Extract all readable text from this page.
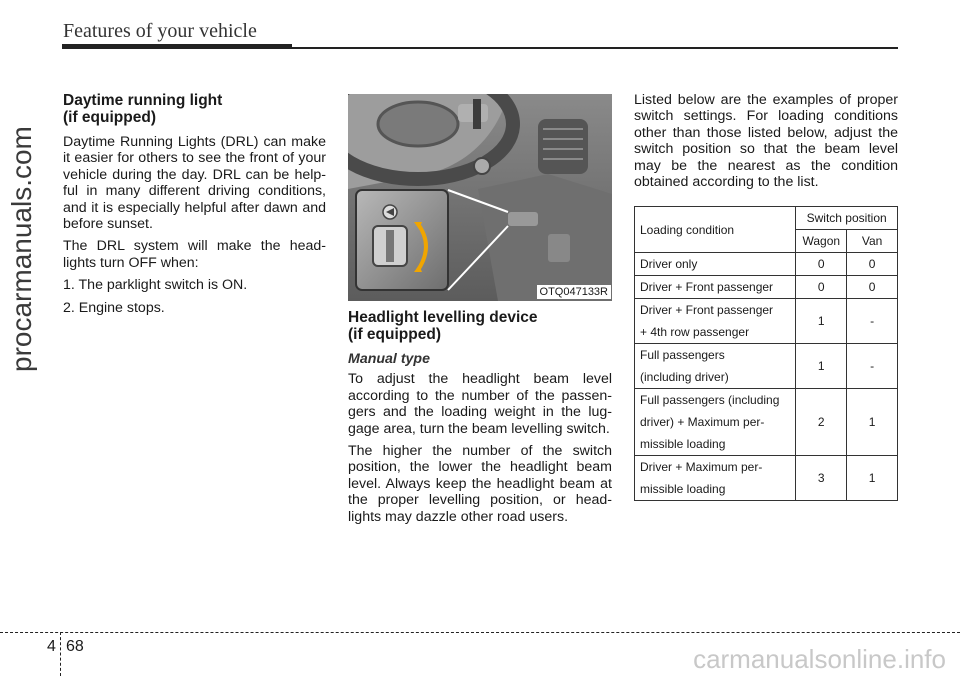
Features of your vehicle
procarmanuals.com
Daytime running light
(if equipped)

Daytime Running Lights (DRL) can make it easier for others to see the front of your vehicle during the day. DRL can be help-ful in many different driving conditions, and it is especially helpful after dawn and before sunset.

The DRL system will make the head-lights turn OFF when:

1. The parklight switch is ON.

2. Engine stops.

OTQ047133R
Headlight levelling device
(if equipped)
Manual type

To adjust the headlight beam level according to the number of the passen-gers and the loading weight in the lug-gage area, turn the beam levelling switch.

The higher the number of the switch position, the lower the headlight beam level. Always keep the headlight beam at the proper levelling position, or head-lights may dazzle other road users.

Listed below are the examples of proper switch settings. For loading conditions other than those listed below, adjust the switch position so that the beam level may be the nearest as the condition obtained according to the list.

Loading condition	Switch position	
	Wagon	Van
Driver only	0	0
Driver + Front passenger	0	0
Driver + Front passenger
+ 4th row passenger	1	-
Full passengers
(including driver)	1	-
Full passengers (including
driver) + Maximum per-
missible loading	2	1
Driver + Maximum per-
missible loading	3	1
4 68	carmanualsonline.info
